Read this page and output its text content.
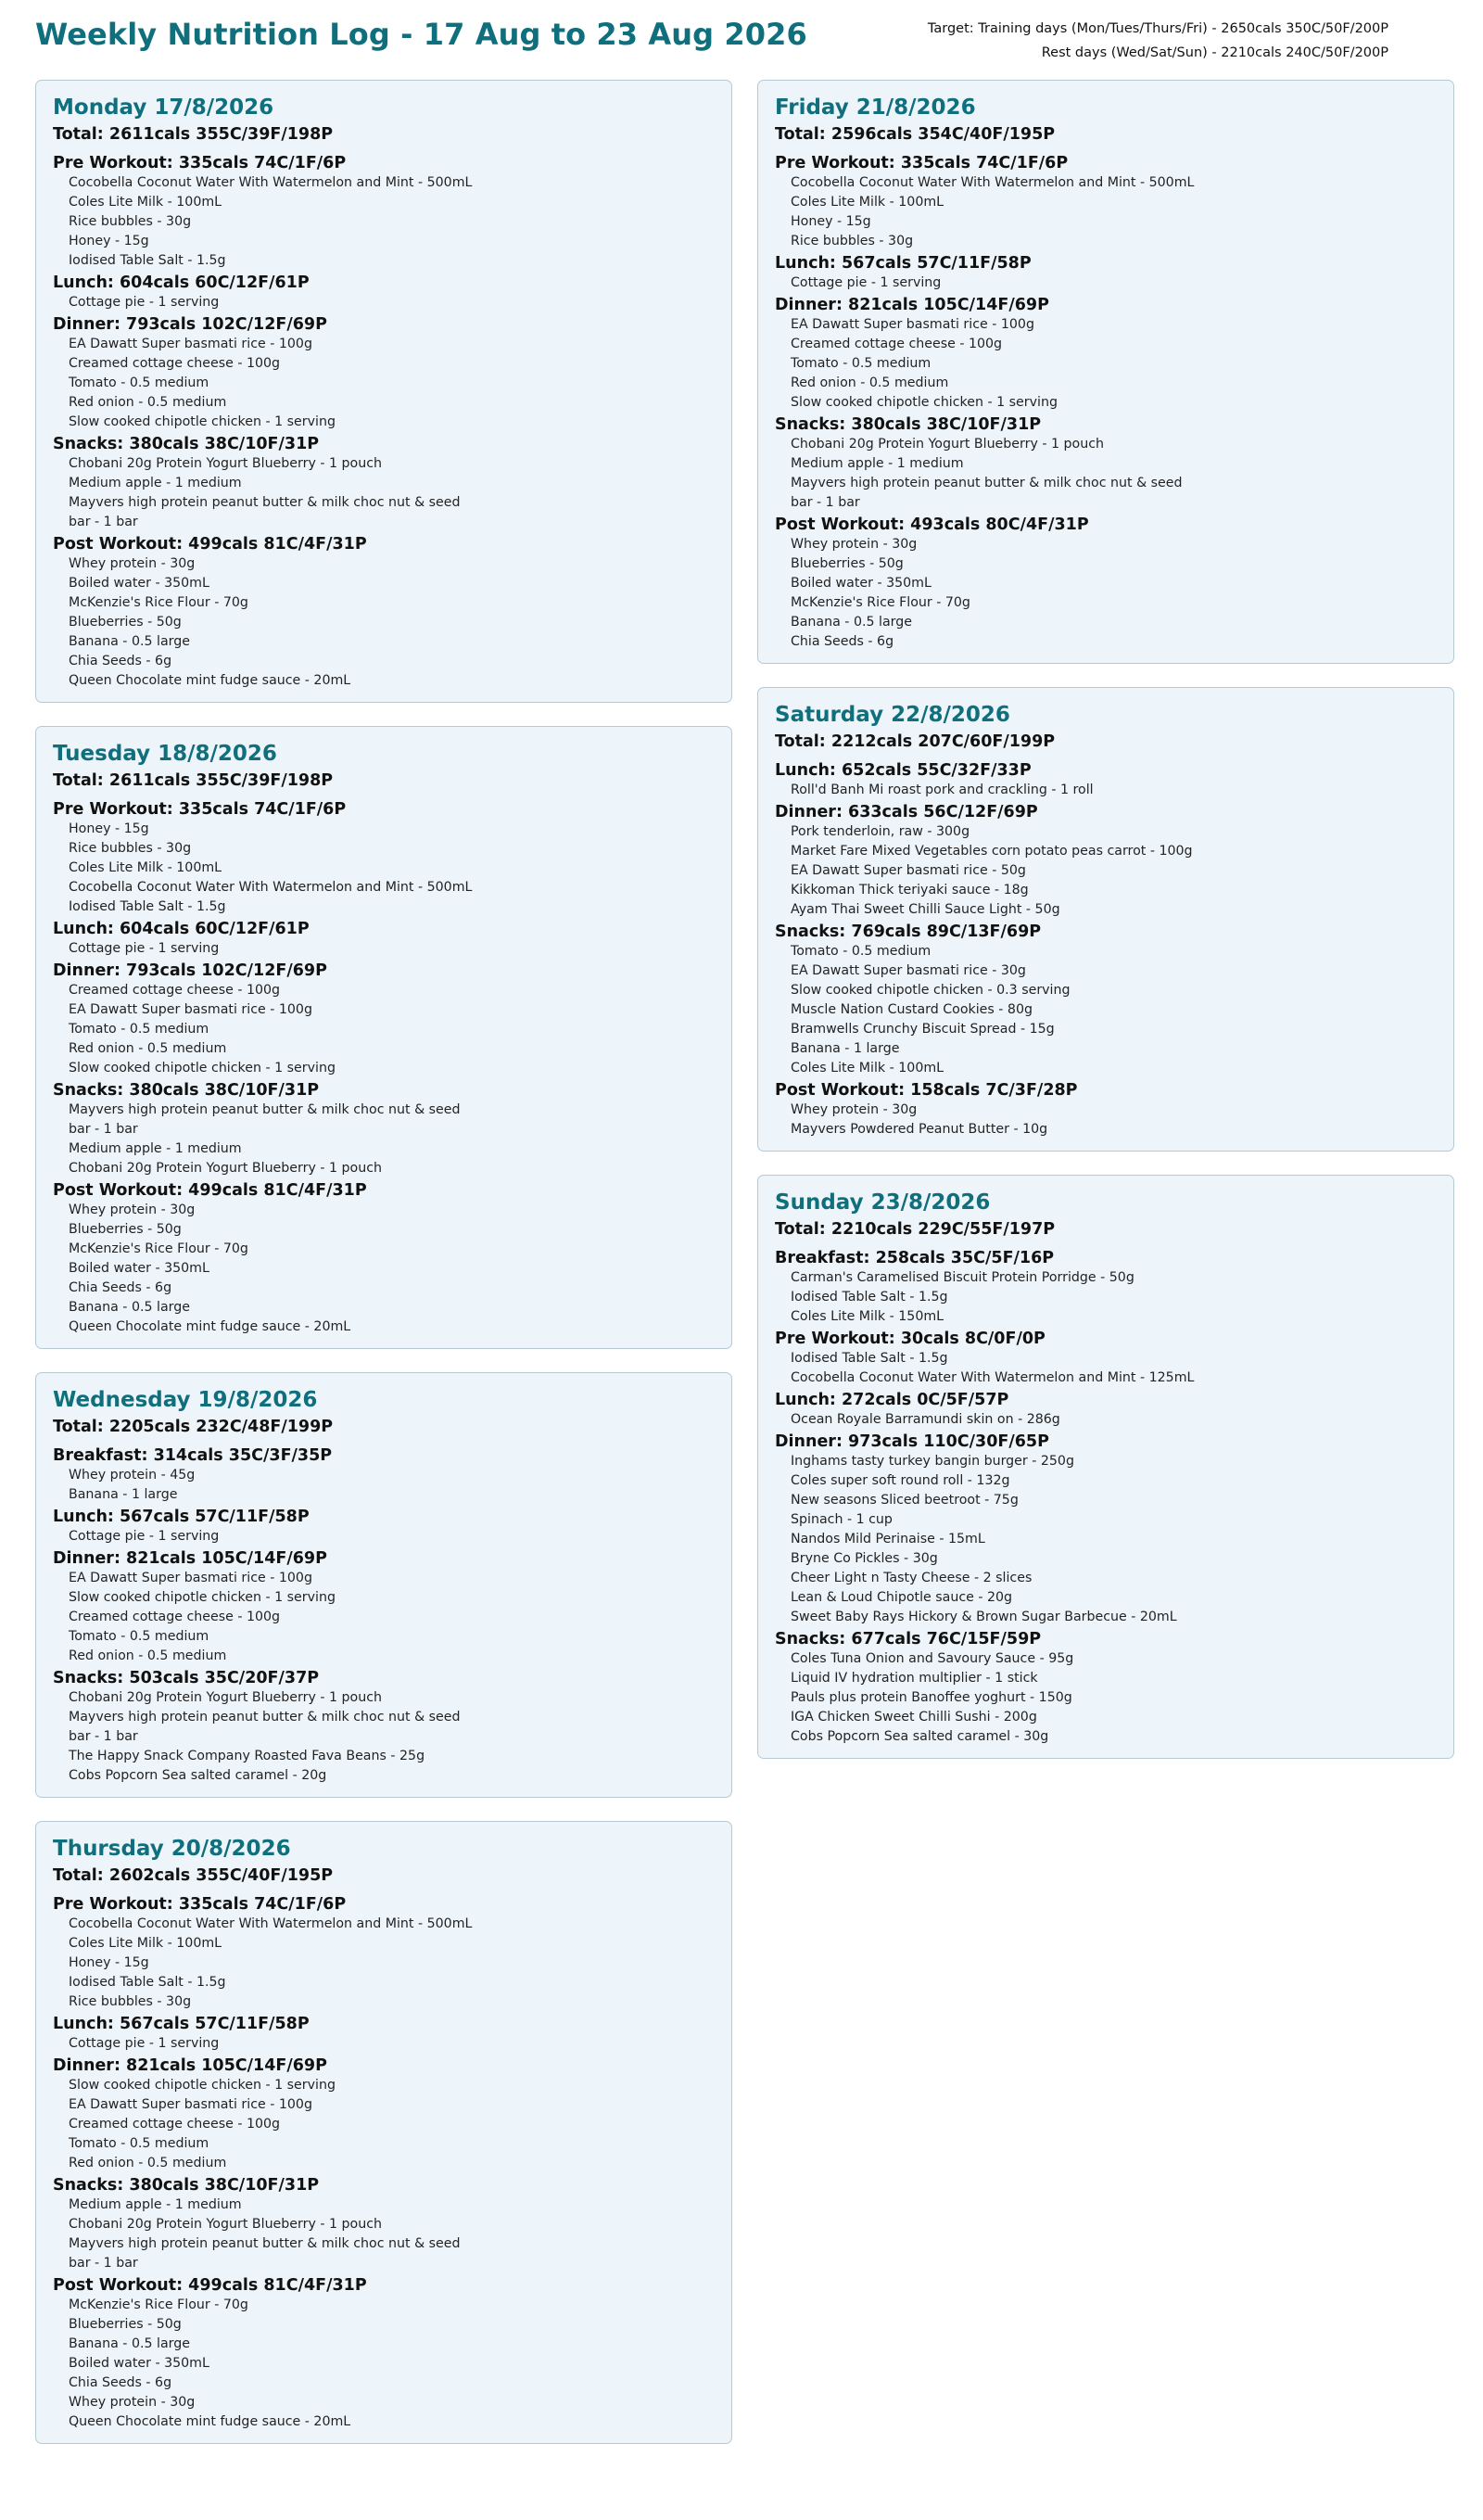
Weekly Nutrition Log - 17 Aug to 23 Aug 2026	Target: Training days (Mon/Tues/Thurs/Fri) - 2650cals 350C/50F/200P
Rest days (Wed/Sat/Sun) - 2210cals 240C/50F/200P
Monday 17/8/2026
Total: 2611cals 355C/39F/198P
Pre Workout: 335cals 74C/1F/6P
Cocobella Coconut Water With Watermelon and Mint - 500mL
Coles Lite Milk - 100mL
Rice bubbles - 30g
Honey - 15g
Iodised Table Salt - 1.5g
Lunch: 604cals 60C/12F/61P
Cottage pie - 1 serving
Dinner: 793cals 102C/12F/69P
EA Dawatt Super basmati rice - 100g
Creamed cottage cheese - 100g
Tomato - 0.5 medium
Red onion - 0.5 medium
Slow cooked chipotle chicken - 1 serving
Snacks: 380cals 38C/10F/31P
Chobani 20g Protein Yogurt Blueberry - 1 pouch
Medium apple - 1 medium
Mayvers high protein peanut butter & milk choc nut & seed
bar - 1 bar
Post Workout: 499cals 81C/4F/31P
Whey protein - 30g
Boiled water - 350mL
McKenzie's Rice Flour - 70g
Blueberries - 50g
Banana - 0.5 large
Chia Seeds - 6g
Queen Chocolate mint fudge sauce - 20mL
Tuesday 18/8/2026
Total: 2611cals 355C/39F/198P
Pre Workout: 335cals 74C/1F/6P
Honey - 15g
Rice bubbles - 30g
Coles Lite Milk - 100mL
Cocobella Coconut Water With Watermelon and Mint - 500mL
Iodised Table Salt - 1.5g
Lunch: 604cals 60C/12F/61P
Cottage pie - 1 serving
Dinner: 793cals 102C/12F/69P
Creamed cottage cheese - 100g
EA Dawatt Super basmati rice - 100g
Tomato - 0.5 medium
Red onion - 0.5 medium
Slow cooked chipotle chicken - 1 serving
Snacks: 380cals 38C/10F/31P
Mayvers high protein peanut butter & milk choc nut & seed
bar - 1 bar
Medium apple - 1 medium
Chobani 20g Protein Yogurt Blueberry - 1 pouch
Post Workout: 499cals 81C/4F/31P
Whey protein - 30g
Blueberries - 50g
McKenzie's Rice Flour - 70g
Boiled water - 350mL
Chia Seeds - 6g
Banana - 0.5 large
Queen Chocolate mint fudge sauce - 20mL
Wednesday 19/8/2026
Total: 2205cals 232C/48F/199P
Breakfast: 314cals 35C/3F/35P
Whey protein - 45g
Banana - 1 large
Lunch: 567cals 57C/11F/58P
Cottage pie - 1 serving
Dinner: 821cals 105C/14F/69P
EA Dawatt Super basmati rice - 100g
Slow cooked chipotle chicken - 1 serving
Creamed cottage cheese - 100g
Tomato - 0.5 medium
Red onion - 0.5 medium
Snacks: 503cals 35C/20F/37P
Chobani 20g Protein Yogurt Blueberry - 1 pouch
Mayvers high protein peanut butter & milk choc nut & seed
bar - 1 bar
The Happy Snack Company Roasted Fava Beans - 25g
Cobs Popcorn Sea salted caramel - 20g
Thursday 20/8/2026
Total: 2602cals 355C/40F/195P
Pre Workout: 335cals 74C/1F/6P
Cocobella Coconut Water With Watermelon and Mint - 500mL
Coles Lite Milk - 100mL
Honey - 15g
Iodised Table Salt - 1.5g
Rice bubbles - 30g
Lunch: 567cals 57C/11F/58P
Cottage pie - 1 serving
Dinner: 821cals 105C/14F/69P
Slow cooked chipotle chicken - 1 serving
EA Dawatt Super basmati rice - 100g
Creamed cottage cheese - 100g
Tomato - 0.5 medium
Red onion - 0.5 medium
Snacks: 380cals 38C/10F/31P
Medium apple - 1 medium
Chobani 20g Protein Yogurt Blueberry - 1 pouch
Mayvers high protein peanut butter & milk choc nut & seed
bar - 1 bar
Post Workout: 499cals 81C/4F/31P
McKenzie's Rice Flour - 70g
Blueberries - 50g
Banana - 0.5 large
Boiled water - 350mL
Chia Seeds - 6g
Whey protein - 30g
Queen Chocolate mint fudge sauce - 20mL
Friday 21/8/2026
Total: 2596cals 354C/40F/195P
Pre Workout: 335cals 74C/1F/6P
Cocobella Coconut Water With Watermelon and Mint - 500mL
Coles Lite Milk - 100mL
Honey - 15g
Rice bubbles - 30g
Lunch: 567cals 57C/11F/58P
Cottage pie - 1 serving
Dinner: 821cals 105C/14F/69P
EA Dawatt Super basmati rice - 100g
Creamed cottage cheese - 100g
Tomato - 0.5 medium
Red onion - 0.5 medium
Slow cooked chipotle chicken - 1 serving
Snacks: 380cals 38C/10F/31P
Chobani 20g Protein Yogurt Blueberry - 1 pouch
Medium apple - 1 medium
Mayvers high protein peanut butter & milk choc nut & seed
bar - 1 bar
Post Workout: 493cals 80C/4F/31P
Whey protein - 30g
Blueberries - 50g
Boiled water - 350mL
McKenzie's Rice Flour - 70g
Banana - 0.5 large
Chia Seeds - 6g
Saturday 22/8/2026
Total: 2212cals 207C/60F/199P
Lunch: 652cals 55C/32F/33P
Roll'd Banh Mi roast pork and crackling - 1 roll
Dinner: 633cals 56C/12F/69P
Pork tenderloin, raw - 300g
Market Fare Mixed Vegetables corn potato peas carrot - 100g
EA Dawatt Super basmati rice - 50g
Kikkoman Thick teriyaki sauce - 18g
Ayam Thai Sweet Chilli Sauce Light - 50g
Snacks: 769cals 89C/13F/69P
Tomato - 0.5 medium
EA Dawatt Super basmati rice - 30g
Slow cooked chipotle chicken - 0.3 serving
Muscle Nation Custard Cookies - 80g
Bramwells Crunchy Biscuit Spread - 15g
Banana - 1 large
Coles Lite Milk - 100mL
Post Workout: 158cals 7C/3F/28P
Whey protein - 30g
Mayvers Powdered Peanut Butter - 10g
Sunday 23/8/2026
Total: 2210cals 229C/55F/197P
Breakfast: 258cals 35C/5F/16P
Carman's Caramelised Biscuit Protein Porridge - 50g
Iodised Table Salt - 1.5g
Coles Lite Milk - 150mL
Pre Workout: 30cals 8C/0F/0P
Iodised Table Salt - 1.5g
Cocobella Coconut Water With Watermelon and Mint - 125mL
Lunch: 272cals 0C/5F/57P
Ocean Royale Barramundi skin on - 286g
Dinner: 973cals 110C/30F/65P
Inghams tasty turkey bangin burger - 250g
Coles super soft round roll - 132g
New seasons Sliced beetroot - 75g
Spinach - 1 cup
Nandos Mild Perinaise - 15mL
Bryne Co Pickles - 30g
Cheer Light n Tasty Cheese - 2 slices
Lean & Loud Chipotle sauce - 20g
Sweet Baby Rays Hickory & Brown Sugar Barbecue - 20mL
Snacks: 677cals 76C/15F/59P
Coles Tuna Onion and Savoury Sauce - 95g
Liquid IV hydration multiplier - 1 stick
Pauls plus protein Banoffee yoghurt - 150g
IGA Chicken Sweet Chilli Sushi - 200g
Cobs Popcorn Sea salted caramel - 30g
